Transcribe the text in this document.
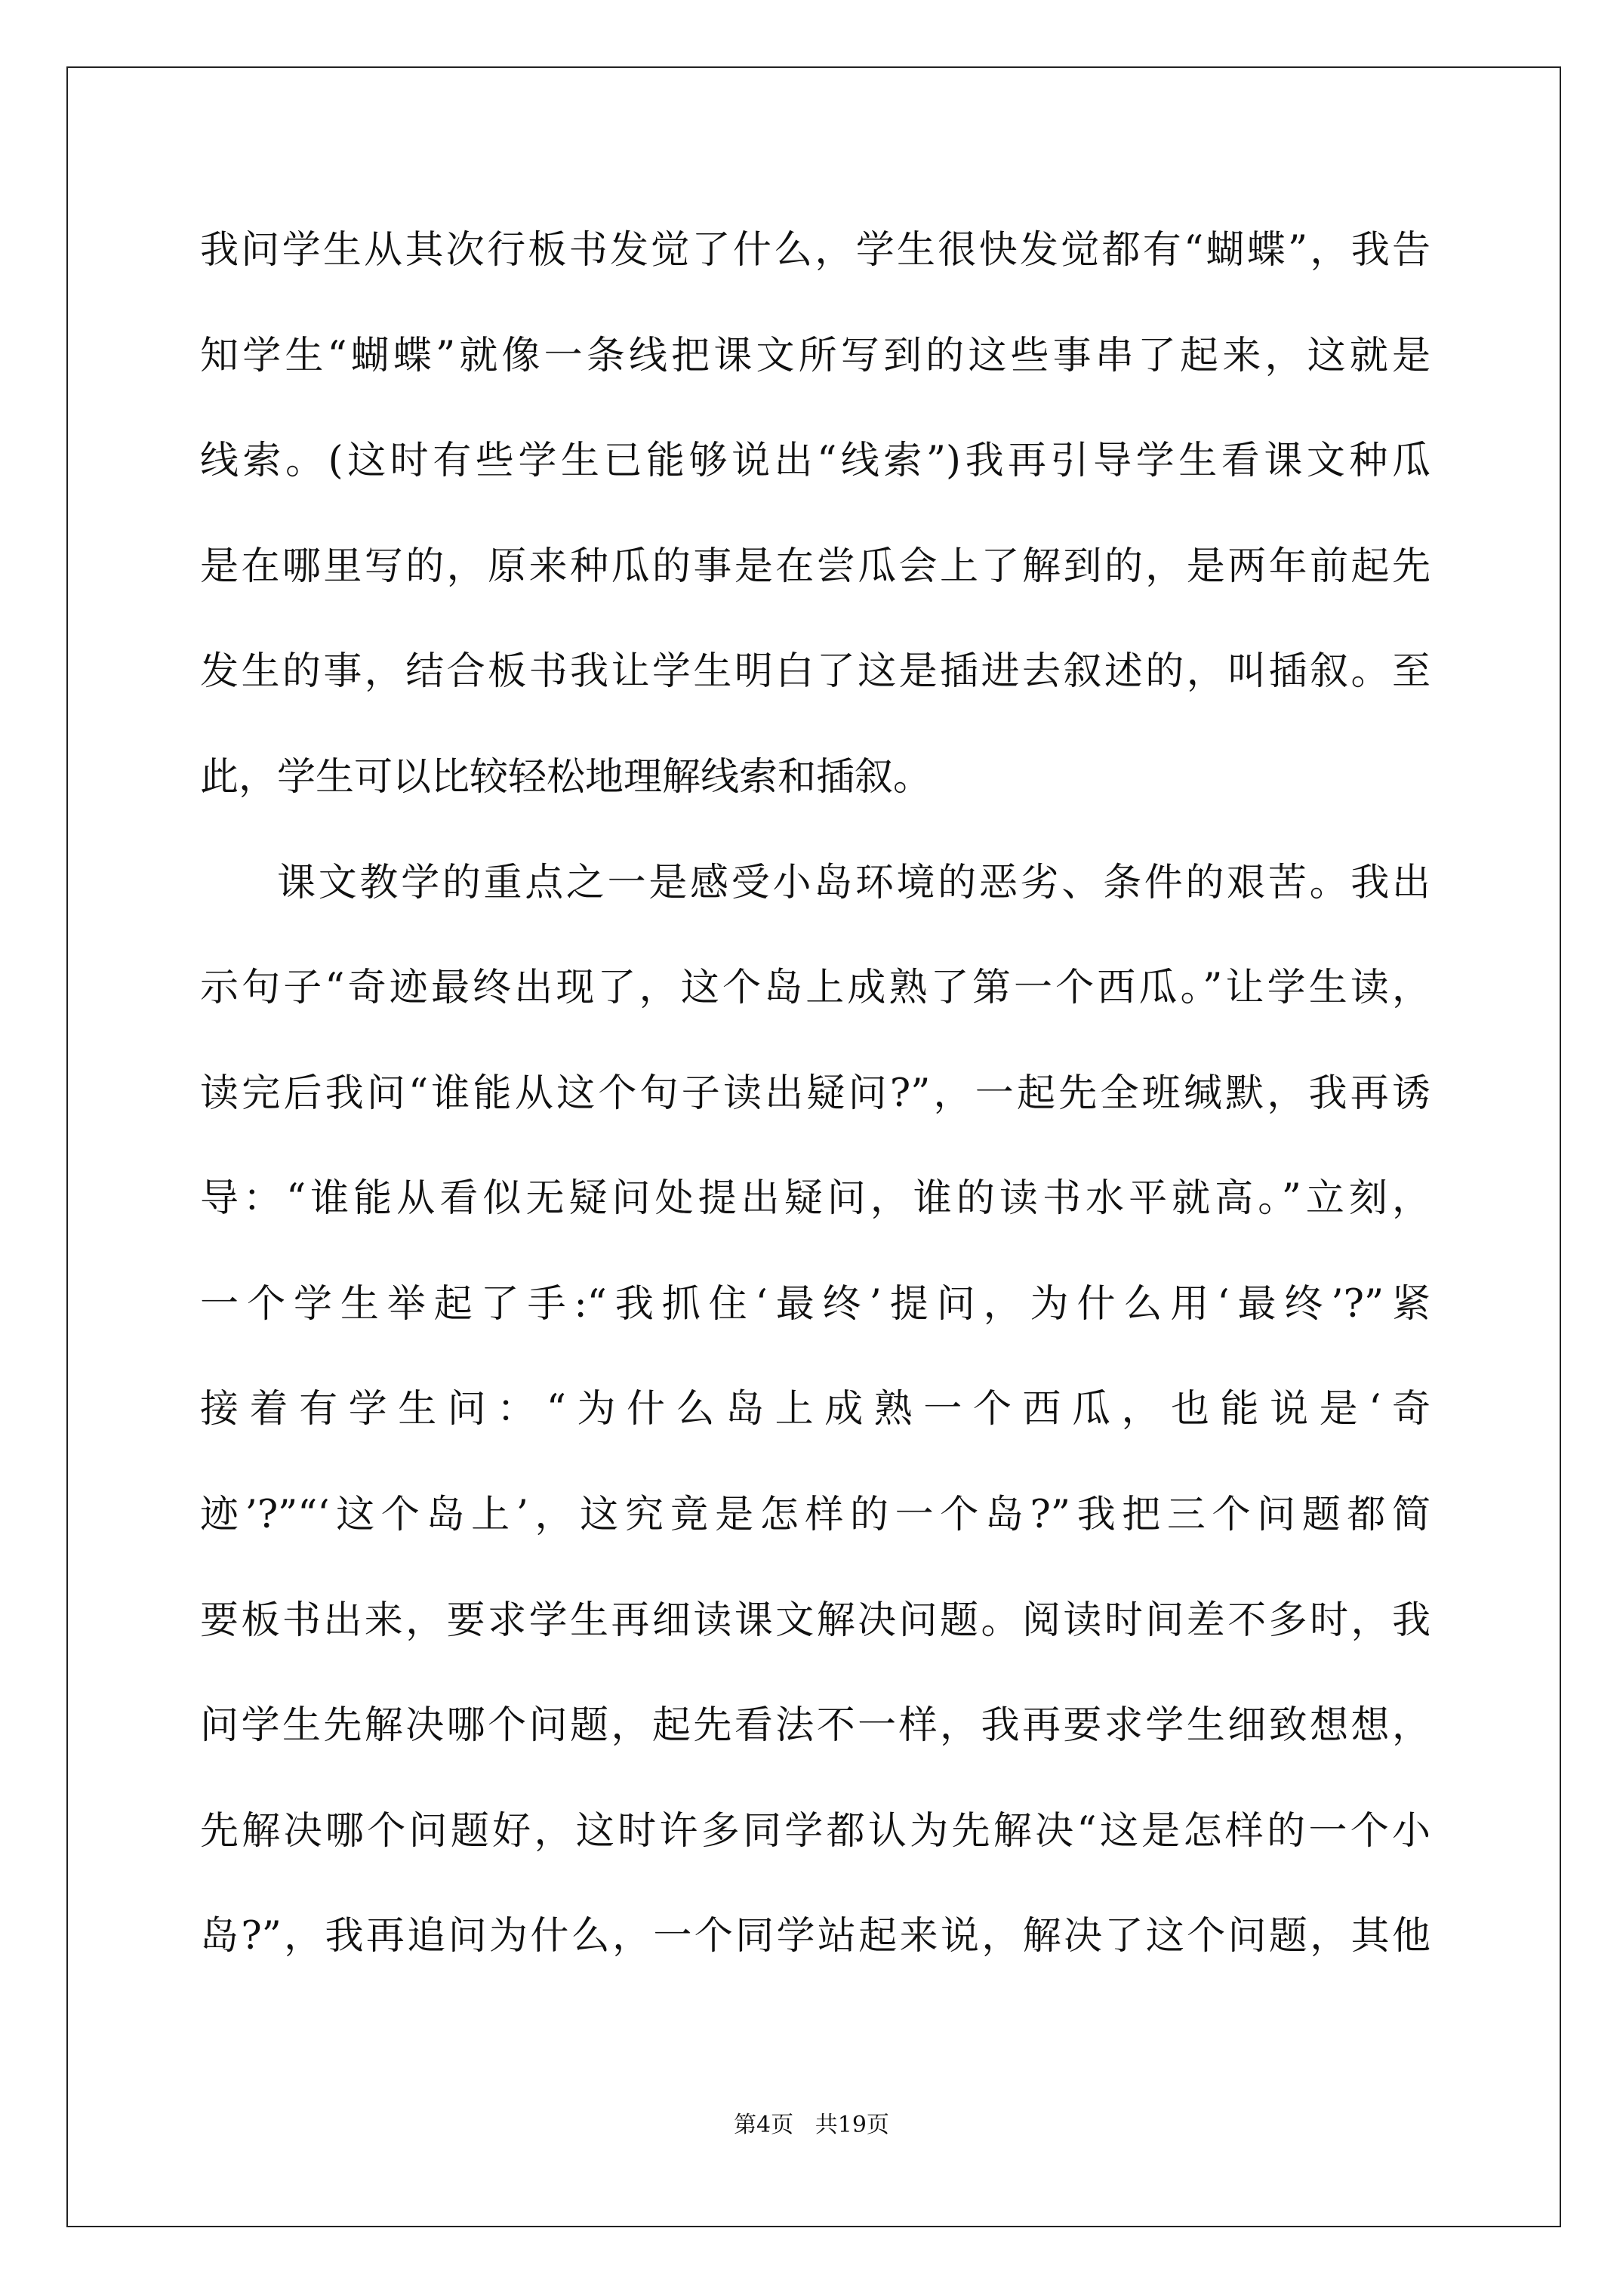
我问学生从其次行板书发觉了什么，学生很快发觉都有“蝴蝶”，我告
知学生“蝴蝶”就像一条线把课文所写到的这些事串了起来，这就是
线索。(这时有些学生已能够说出“线索”)我再引导学生看课文种瓜
是在哪里写的，原来种瓜的事是在尝瓜会上了解到的，是两年前起先
发生的事，结合板书我让学生明白了这是插进去叙述的，叫插叙。至
此，学生可以比较轻松地理解线索和插叙。
课文教学的重点之一是感受小岛环境的恶劣、条件的艰苦。我出
示句子“奇迹最终出现了，这个岛上成熟了第一个西瓜。”让学生读，
读完后我问“谁能从这个句子读出疑问?”，一起先全班缄默，我再诱
导：“谁能从看似无疑问处提出疑问，谁的读书水平就高。”立刻，
一个学生举起了手:“我抓住‘最终’提问，为什么用‘最终’?”紧
接着有学生问：“为什么岛上成熟一个西瓜，也能说是‘奇
迹’?”“‘这个岛上’，这究竟是怎样的一个岛?”我把三个问题都简
要板书出来，要求学生再细读课文解决问题。阅读时间差不多时，我
问学生先解决哪个问题，起先看法不一样，我再要求学生细致想想，
先解决哪个问题好，这时许多同学都认为先解决“这是怎样的一个小
岛?”，我再追问为什么，一个同学站起来说，解决了这个问题，其他
第4页   共19页
